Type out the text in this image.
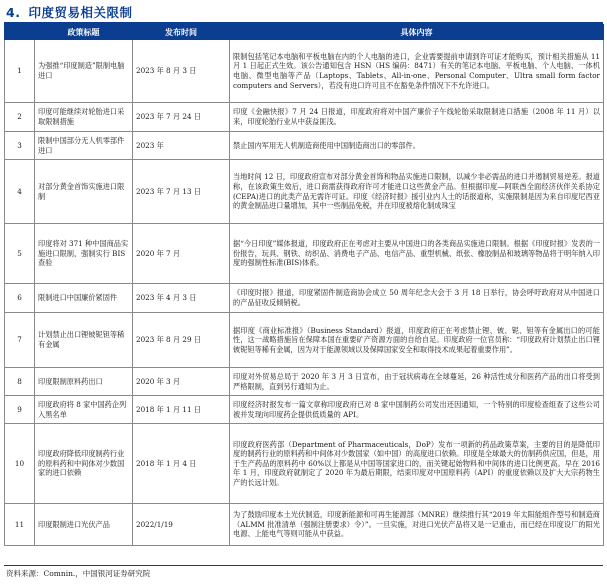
4. 印度贸易相关限制
	政策标题	发布时间	具体内容
1	为强推“印度制造”限制电脑进口	2023 年 8 月 3 日	限制包括笔记本电脑和平板电脑在内的个人电脑的进口，企业需要提前申请到许可证才能购买，预计相关措施从 11 月 1 日起正式生效。该公告通知包含 HSN（HS 编码：8471）有关的笔记本电脑、平板电脑、个人电脑、一体机电脑、微型电脑等产品（Laptops、Tablets、All-in-one、Personal Computer、Ultra small form factor computers and Servers），若没有进口许可且不在豁免条件情况下不允许进口。
2	印度可能继续对轮胎进口采取限制措施	2023 年 7 月 24 日	印度《金融快报》7 月 24 日报道，印度政府将对中国产廉价子午线轮胎采取限制进口措施（2008 年 11 月）以来，印度轮胎行业从中获益匪浅。
3	限制中国部分无人机零部件进口	2023 年	禁止国内军用无人机制造商使用中国制造商出口的零部件。
4	对部分黄金首饰实施进口限制	2023 年 7 月 13 日	当地时间 12 日，印度政府宣布对部分黄金首饰和物品实施进口限制，以减少非必需品的进口并遏制贸易逆差。报道称，在该政策生效后，进口商需获得政府许可才能进口这些黄金产品。但根据印度—阿联酋全面经济伙伴关系协定(CEPA)进口的此类产品无需许可证。印度《经济时报》援引业内人士的话报道称，实施限制是因为来自印度尼西亚的黄金制品进口量增加，其中一些制品免税，并在印度被熔化制成珠宝
5	印度将对 371 种中国商品实施进口限制，强制实行 BIS 查验	2020 年 7 月	据“今日印度”媒体报道，印度政府正在考虑对主要从中国进口的各类商品实施进口限制。根据《印度时报》发表的一份报告，玩具、钢铁、纺织品、消费电子产品、电信产品、重型机械、纸张、橡胶制品和玻璃等物品将于明年纳入印度的强制性标准(BIS)体系。
6	限制进口中国廉价紧固件	2023 年 4 月 3 日	《印度时报》报道，印度紧固件制造商协会成立 50 周年纪念大会于 3 月 18 日举行，协会呼吁政府对从中国进口的产品征收反倾销税。
7	计划禁止出口锂铍铌钽等稀有金属	2023 年 8 月 29 日	据印度《商业标准报》（Business Standard）报道，印度政府正在考虑禁止锂、铍、铌、钽等有金属出口的可能性，这一战略措施旨在保障本国在重要矿产资源方面的自给自足。印度政府一位官员称：“印度政府计划禁止出口锂铍铌钽等稀有金属，因为对于能源领域以及保障国家安全和取得技术成果起着重要作用”。
8	印度限制原料药出口	2020 年 3 月	印度对外贸易总局于 2020 年 3 月 3 日宣布，由于冠状病毒在全球蔓延，26 种活性成分和医药产品的出口将受到严格限制，直到另行通知为止。
9	印度政府将 8 家中国药企列入黑名单	2018 年 1 月 11 日	印度经济时报发布一篇文章称印度政府已对 8 家中国制药公司发出还因通知，一个特别的印度检查组查了这些公司被并发现向印度药企提供低质量的 API。
10	印度政府降低印度制药行业的原料药和中间体对少数国家的进口依赖	2018 年 1 月 4 日	印度政府医药部（Department of Pharmaceuticals，DoP）发布一项新的药品政策草案，主要的目的是降低印度的制药行业的原料药和中间体对少数国家（如中国）的高度进口依赖。印度是全球最大的仿制药供应国，但是，用于生产药品的原料药中 60%以上都是从中国等国家进口的，而关键起始物料和中间体的进口比例更高。早在 2016 年 1 月，印度政府就制定了 2020 年为最后期限，结束印度对中国原料药（API）的重度依赖以及扩大大宗药物生产的长远计划。
11	印度限制进口光伏产品	2022/1/19	为了鼓励印度本土光伏制造，印度新能源和可再生能源部（MNRE）继续推行其“2019 年太阳能组件型号和制造商（ALMM 批准清单（强制注册要求）令）”。一旦实施，对进口光伏产品将又是一记重击，而已经在印度设厂的阳光电源、上能电气等则可能从中获益。
资料来源：Comnin.，中国银河证券研究院
